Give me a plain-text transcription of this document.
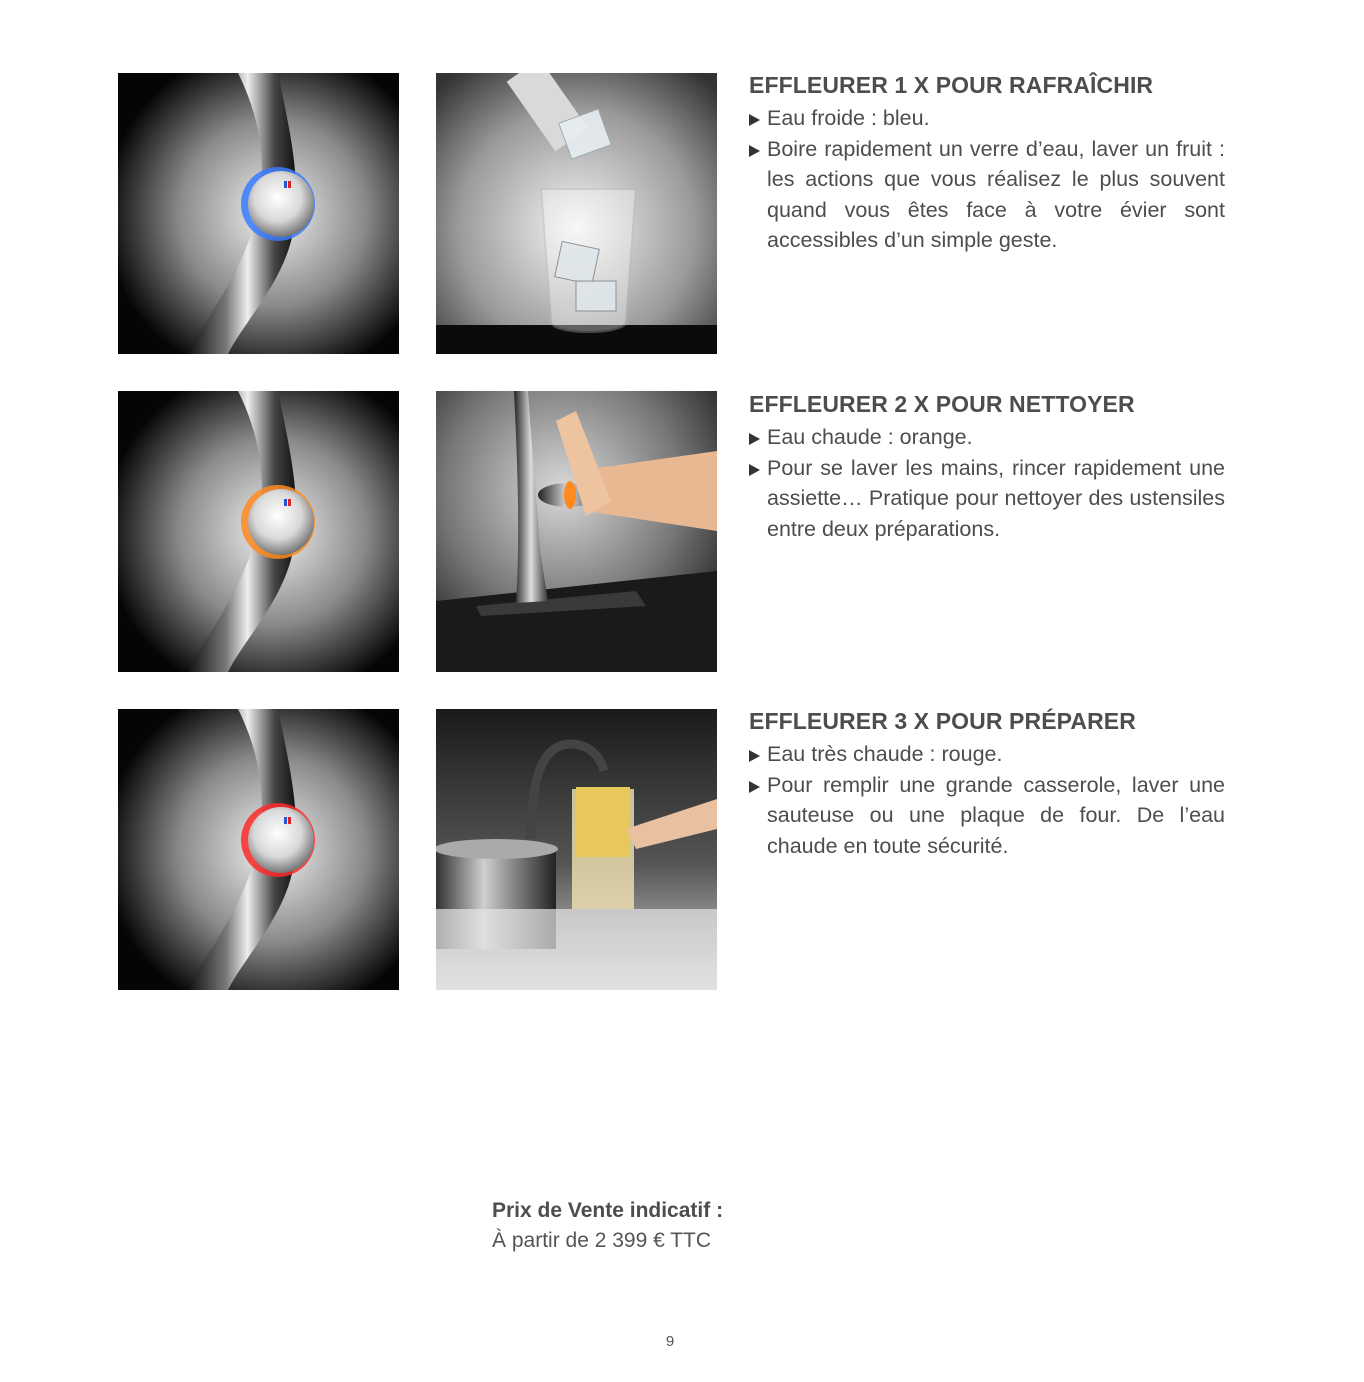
EFFLEURER 1 X POUR RAFRAÎCHIR
Eau froide : bleu.
Boire rapidement un verre d’eau, laver un fruit : les actions que vous réalisez le plus souvent quand vous êtes face à votre évier sont accessibles d’un simple geste.
EFFLEURER 2 X POUR NETTOYER
Eau chaude : orange.
Pour se laver les mains, rincer rapidement une assiette… Pratique pour nettoyer des ustensiles entre deux préparations.
EFFLEURER 3 X POUR PRÉPARER
Eau très chaude : rouge.
Pour remplir une grande casserole, laver une sauteuse ou une plaque de four. De l’eau chaude en toute sécurité.
Prix de Vente indicatif :
À partir de 2 399 € TTC
9
